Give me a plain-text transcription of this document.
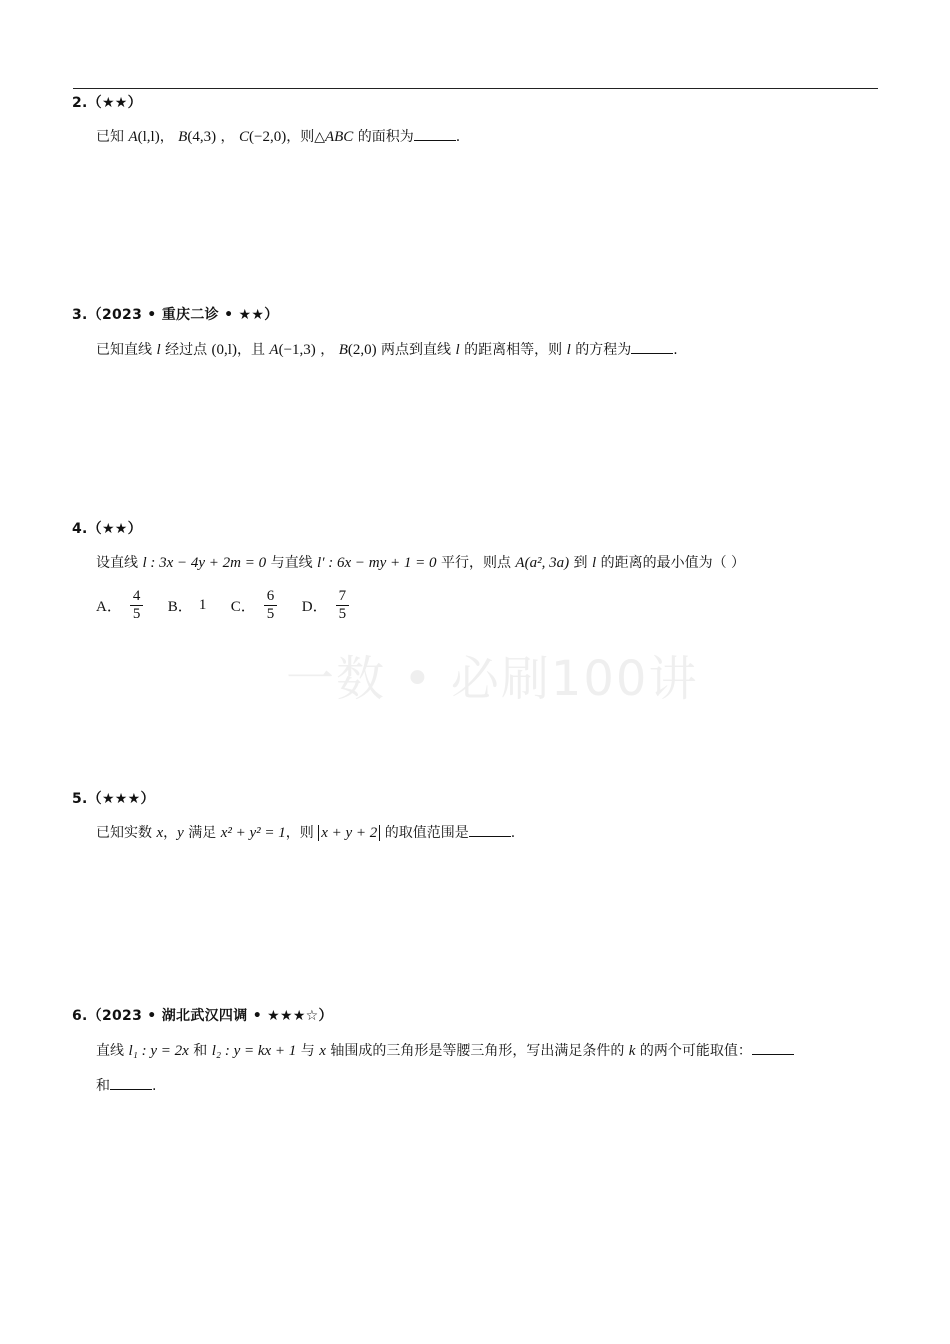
一数 • 必刷100讲
2.（★★）
已知 A(l,l)， B(4,3) ， C(−2,0)，则△ABC 的面积为	.
3.（2023 • 重庆二诊 • ★★）
已知直线 l 经过点 (0,l)，且 A(−1,3) ， B(2,0) 两点到直线 l 的距离相等，则 l 的方程为	.
4.（★★）
设直线 l : 3x − 4y + 2m = 0 与直线 l′ : 6x − my + 1 = 0 平行，则点 A(a², 3a) 到 l 的距离的最小值为（ ）
A． $\frac{4}{5}$
B． 1
C． $\frac{6}{5}$
D． $\frac{7}{5}$
5.（★★★）
已知实数 x，y 满足 x² + y² = 1，则 x + y + 2 的取值范围是	.
6.（2023 • 湖北武汉四调 • ★★★☆）
直线 l₁ : y = 2x 和 l₂ : y = kx + 1 与 x 轴围成的三角形是等腰三角形，写出满足条件的 k 的两个可能取值：
和	.
